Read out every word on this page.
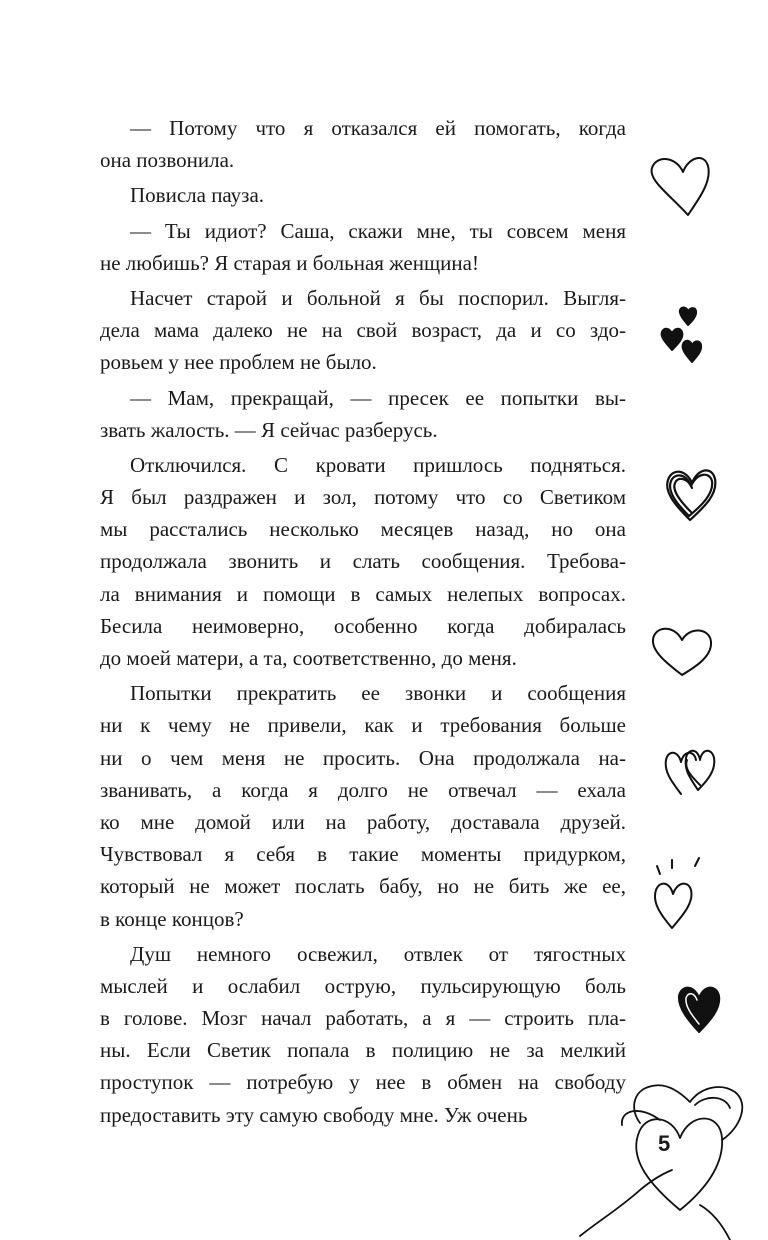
— Потому что я отказался ей помогать, когда
она позвонила.
Повисла пауза.
— Ты идиот? Саша, скажи мне, ты совсем меня
не любишь? Я старая и больная женщина!
Насчет старой и больной я бы поспорил. Выгля-
дела мама далеко не на свой возраст, да и со здо-
ровьем у нее проблем не было.
— Мам, прекращай, — пресек ее попытки вы-
звать жалость. — Я сейчас разберусь.
Отключился. С кровати пришлось подняться.
Я был раздражен и зол, потому что со Светиком
мы расстались несколько месяцев назад, но она
продолжала звонить и слать сообщения. Требова-
ла внимания и помощи в самых нелепых вопросах.
Бесила неимоверно, особенно когда добиралась
до моей матери, а та, соответственно, до меня.
Попытки прекратить ее звонки и сообщения
ни к чему не привели, как и требования больше
ни о чем меня не просить. Она продолжала на-
званивать, а когда я долго не отвечал — ехала
ко мне домой или на работу, доставала друзей.
Чувствовал я себя в такие моменты придурком,
который не может послать бабу, но не бить же ее,
в конце концов?
Душ немного освежил, отвлек от тягостных
мыслей и ослабил острую, пульсирующую боль
в голове. Мозг начал работать, а я — строить пла-
ны. Если Светик попала в полицию не за мелкий
проступок — потребую у нее в обмен на свободу
предоставить эту самую свободу мне. Уж очень
5
